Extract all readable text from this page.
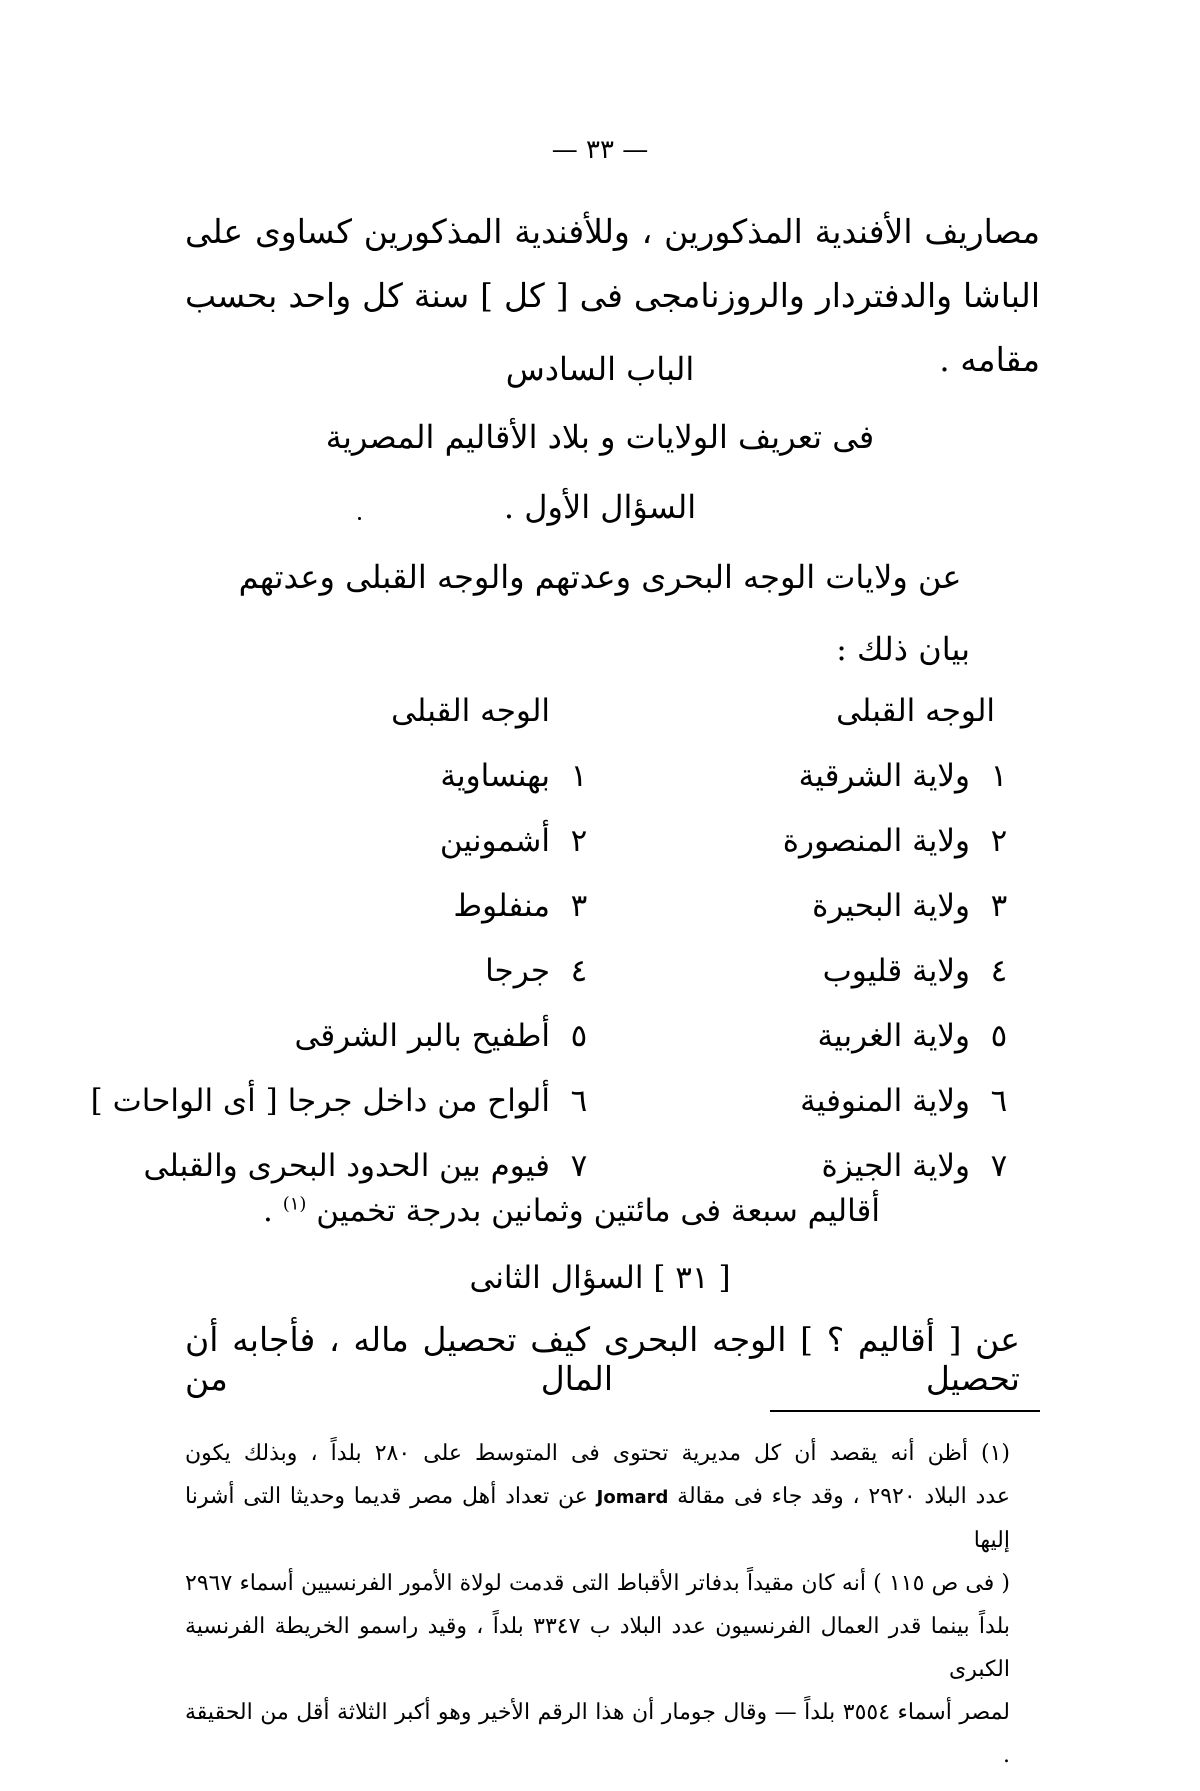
— ٣٣ —
مصاريف الأفندية المذكورين ، وللأفندية المذكورين كساوى على الباشا والدفتردار والروزنامجى فى [ كل ] سنة كل واحد بحسب مقامه .
الباب السادس
فى تعريف الولايات و بلاد الأقاليم المصرية
السؤال الأول .
عن ولايات الوجه البحرى وعدتهم والوجه القبلى وعدتهم
بيان ذلك :
الوجه القبلى
الوجه القبلى
١
ولاية الشرقية
٢
ولاية المنصورة
٣
ولاية البحيرة
٤
ولاية قليوب
٥
ولاية الغربية
٦
ولاية المنوفية
٧
ولاية الجيزة
١
بهنساوية
٢
أشمونين
٣
منفلوط
٤
جرجا
٥
أطفيح بالبر الشرقى
٦
ألواح من داخل جرجا [ أى الواحات ]
٧
فيوم بين الحدود البحرى والقبلى
أقاليم سبعة فى مائتين وثمانين بدرجة تخمين $^{(١)}$ .
[ ٣١ ] السؤال الثانى
عن [ أقاليم ؟ ] الوجه البحرى كيف تحصيل ماله ، فأجابه أن تحصيل المال من
(١) أظن أنه يقصد أن كل مديرية تحتوى فى المتوسط على ٢٨٠ بلداً ، وبذلك يكون
عدد البلاد ٢٩٢٠ ، وقد جاء فى مقالة Jomard عن تعداد أهل مصر قديما وحديثا التى أشرنا إليها
( فى ص ١١٥ ) أنه كان مقيداً بدفاتر الأقباط التى قدمت لولاة الأمور الفرنسيين أسماء ٢٩٦٧
بلداً بينما قدر العمال الفرنسيون عدد البلاد ب ٣٣٤٧ بلداً ، وقيد راسمو الخريطة الفرنسية الكبرى
لمصر أسماء ٣٥٥٤ بلداً — وقال جومار أن هذا الرقم الأخير وهو أكبر الثلاثة أقل من الحقيقة .
